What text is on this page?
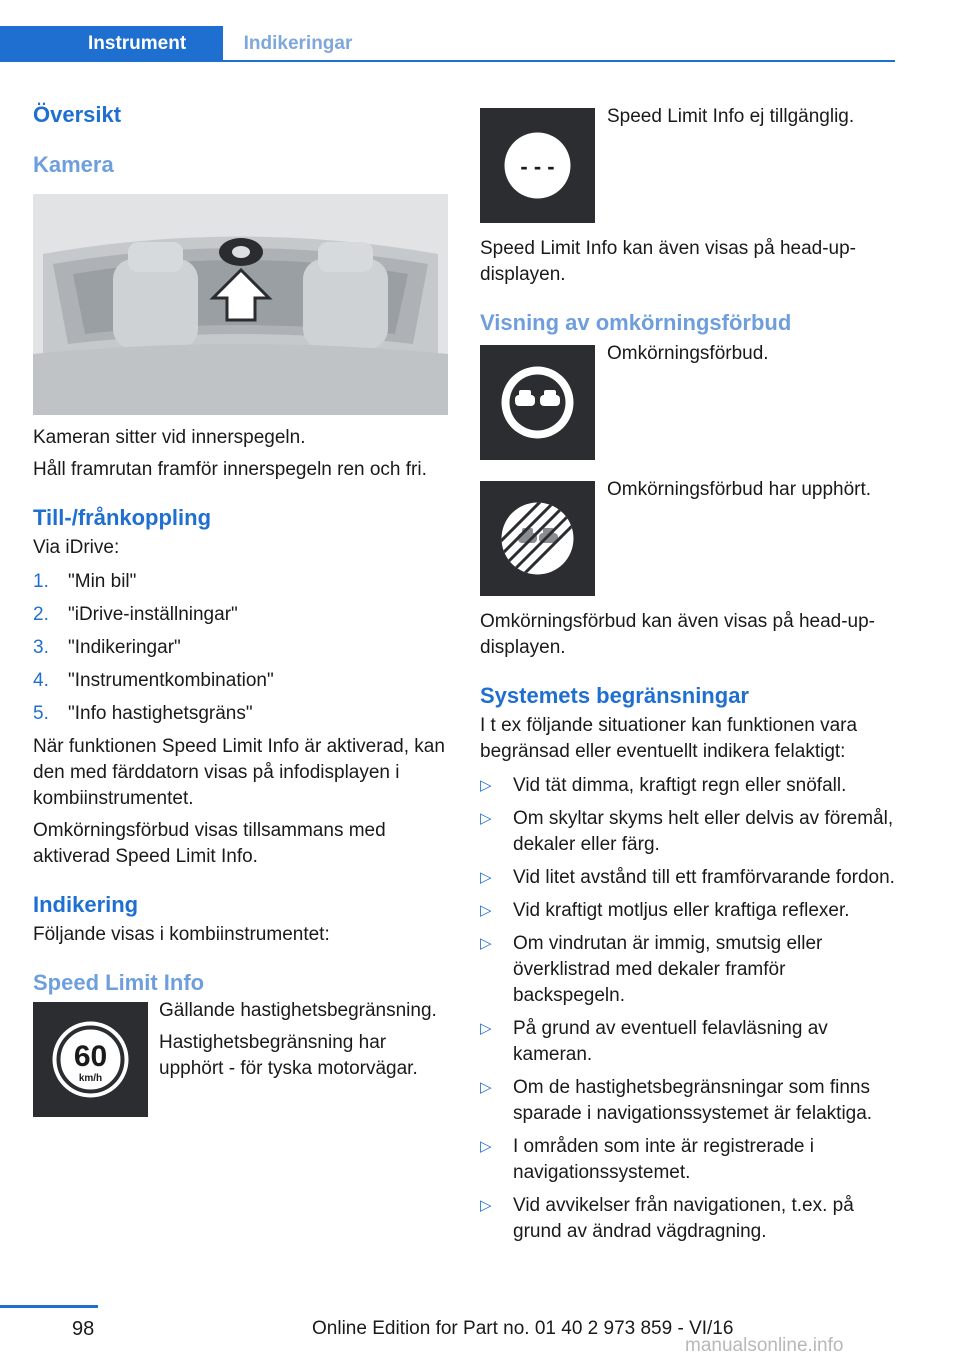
Instrument	Indikeringar
Översikt
Kamera
Kameran sitter vid innerspegeln.
Håll framrutan framför innerspegeln ren och fri.
Till-/frånkoppling
Via iDrive:
1. "Min bil"
2. "iDrive-inställningar"
3. "Indikeringar"
4. "Instrumentkombination"
5. "Info hastighetsgräns"
När funktionen Speed Limit Info är aktiverad, kan den med färddatorn visas på infodisplayen i kombiinstrumentet.
Omkörningsförbud visas tillsammans med aktiverad Speed Limit Info.
Indikering
Följande visas i kombiinstrumentet:
Speed Limit Info
60
km/h
Gällande hastighetsbegränsning.
Hastighetsbegränsning har upphört - för tyska motorvägar.
- - -
Speed Limit Info ej tillgänglig.
Speed Limit Info kan även visas på head-up-displayen.
Visning av omkörningsförbud
Omkörningsförbud.
Omkörningsförbud har upphört.
Omkörningsförbud kan även visas på head-up-displayen.
Systemets begränsningar
I t ex följande situationer kan funktionen vara begränsad eller eventuellt indikera felaktigt:
▷ Vid tät dimma, kraftigt regn eller snöfall.
▷ Om skyltar skyms helt eller delvis av föremål, dekaler eller färg.
▷ Vid litet avstånd till ett framförvarande fordon.
▷ Vid kraftigt motljus eller kraftiga reflexer.
▷ Om vindrutan är immig, smutsig eller överklistrad med dekaler framför backspegeln.
▷ På grund av eventuell felavläsning av kameran.
▷ Om de hastighetsbegränsningar som finns sparade i navigationssystemet är felaktiga.
▷ I områden som inte är registrerade i navigationssystemet.
▷ Vid avvikelser från navigationen, t.ex. på grund av ändrad vägdragning.
98	Online Edition for Part no. 01 40 2 973 859 - VI/16
manualsonline.info
